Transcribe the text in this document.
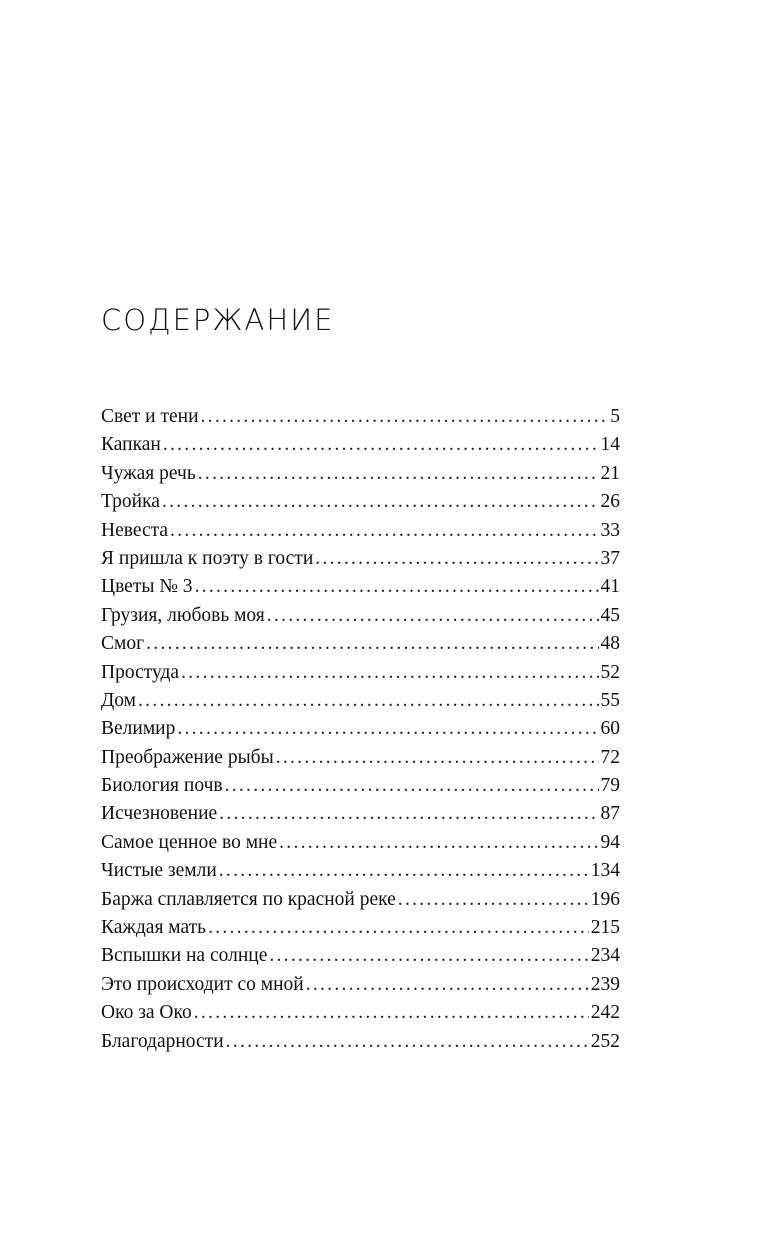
СОДЕРЖАНИЕ
Свет и тени . . .	5
Капкан . . .	14
Чужая речь . . .	21
Тройка . . .	26
Невеста . . .	33
Я пришла к поэту в гости . . .	37
Цветы № 3 . . .	41
Грузия, любовь моя . . .	45
Смог . . .	48
Простуда . . .	52
Дом . . .	55
Велимир . . .	60
Преображение рыбы . . .	72
Биология почв . . .	79
Исчезновение . . .	87
Самое ценное во мне . . .	94
Чистые земли . . .	134
Баржа сплавляется по красной реке . . .	196
Каждая мать . . .	215
Вспышки на солнце . . .	234
Это происходит со мной . . .	239
Око за Око . . .	242
Благодарности . . .	252
